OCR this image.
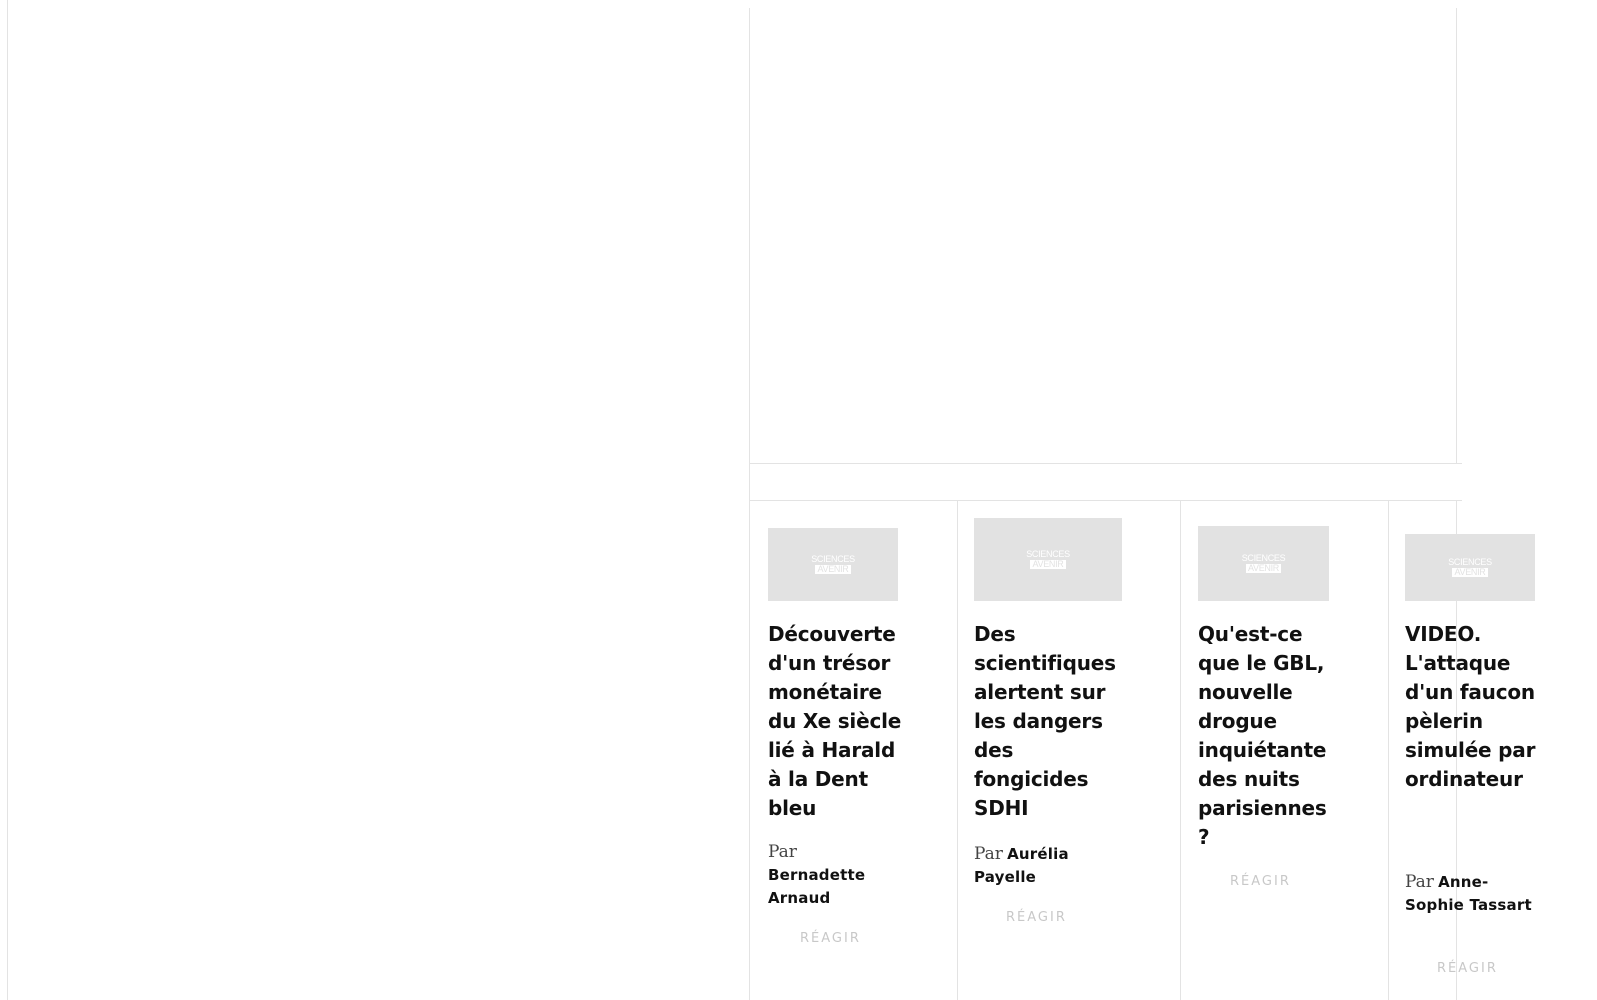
SCIENCES
AVENIR

Découverte d'un trésor monétaire du Xe siècle lié à Harald à la Dent bleu

Par
Bernadette Arnaud

RÉAGIR
SCIENCES
AVENIR

Des scientifiques alertent sur les dangers des fongicides SDHI

Par Aurélia Payelle

RÉAGIR
SCIENCES
AVENIR

Qu'est-ce que le GBL, nouvelle drogue inquiétante des nuits parisiennes ?

RÉAGIR
SCIENCES
AVENIR

VIDEO. L'attaque d'un faucon pèlerin simulée par ordinateur

Par Anne-Sophie Tassart

RÉAGIR
